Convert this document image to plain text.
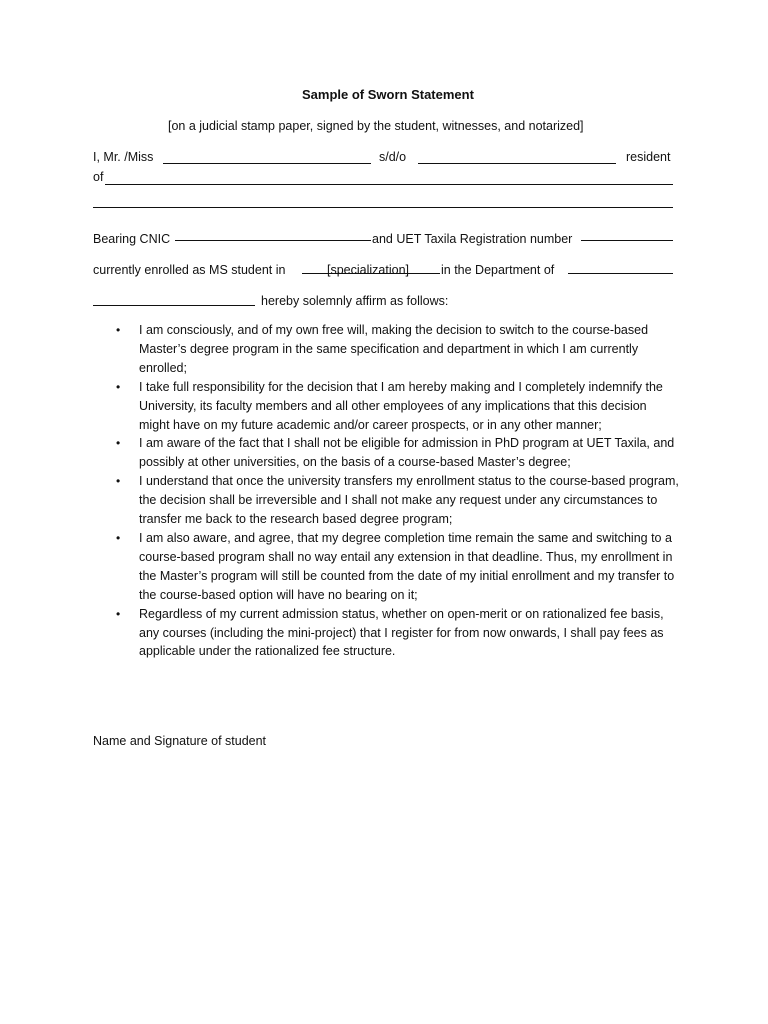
Sample of Sworn Statement
[on a judicial stamp paper, signed by the student, witnesses, and notarized]
I, Mr. /Miss	s/d/o	resident
of
Bearing CNIC	and UET Taxila Registration number
currently enrolled as MS student in	[specialization]	in the Department of
hereby solemnly affirm as follows:
• I am consciously, and of my own free will, making the decision to switch to the course-based Master’s degree program in the same specification and department in which I am currently enrolled;
• I take full responsibility for the decision that I am hereby making and I completely indemnify the University, its faculty members and all other employees of any implications that this decision might have on my future academic and/or career prospects, or in any other manner;
• I am aware of the fact that I shall not be eligible for admission in PhD program at UET Taxila, and possibly at other universities, on the basis of a course-based Master’s degree;
• I understand that once the university transfers my enrollment status to the course-based program, the decision shall be irreversible and I shall not make any request under any circumstances to transfer me back to the research based degree program;
• I am also aware, and agree, that my degree completion time remain the same and switching to a course-based program shall no way entail any extension in that deadline. Thus, my enrollment in the Master’s program will still be counted from the date of my initial enrollment and my transfer to the course-based option will have no bearing on it;
• Regardless of my current admission status, whether on open-merit or on rationalized fee basis, any courses (including the mini-project) that I register for from now onwards, I shall pay fees as applicable under the rationalized fee structure.
Name and Signature of student
